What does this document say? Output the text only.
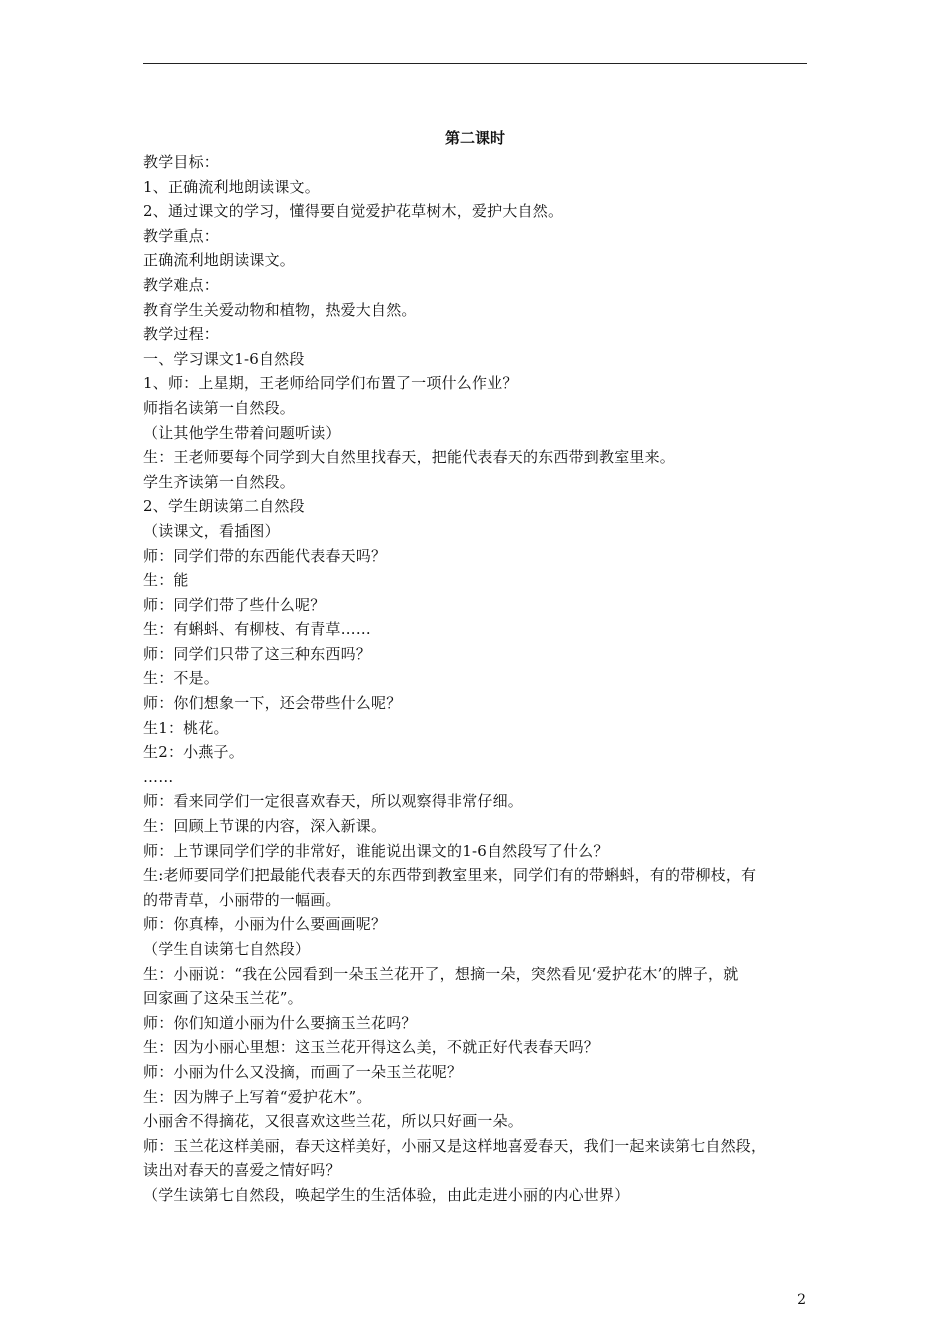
第二课时

教学目标：

1、正确流利地朗读课文。

2、通过课文的学习，懂得要自觉爱护花草树木，爱护大自然。

教学重点：

正确流利地朗读课文。

教学难点：

教育学生关爱动物和植物，热爱大自然。

教学过程：

一、学习课文1-6自然段

1、师：上星期，王老师给同学们布置了一项什么作业？

师指名读第一自然段。

（让其他学生带着问题听读）

生：王老师要每个同学到大自然里找春天，把能代表春天的东西带到教室里来。

学生齐读第一自然段。

2、学生朗读第二自然段

（读课文，看插图）

师：同学们带的东西能代表春天吗？

生：能

师：同学们带了些什么呢？

生：有蝌蚪、有柳枝、有青草……

师：同学们只带了这三种东西吗？

生：不是。

师：你们想象一下，还会带些什么呢？

生1：桃花。

生2：小燕子。

……

师：看来同学们一定很喜欢春天，所以观察得非常仔细。

生：回顾上节课的内容，深入新课。

师：上节课同学们学的非常好，谁能说出课文的1-6自然段写了什么？

生:老师要同学们把最能代表春天的东西带到教室里来，同学们有的带蝌蚪，有的带柳枝，有

的带青草，小丽带的一幅画。

师：你真棒，小丽为什么要画画呢？

（学生自读第七自然段）

生：小丽说：“我在公园看到一朵玉兰花开了，想摘一朵，突然看见‘爱护花木’的牌子，就

回家画了这朵玉兰花”。

师：你们知道小丽为什么要摘玉兰花吗？

生：因为小丽心里想：这玉兰花开得这么美，不就正好代表春天吗？

师：小丽为什么又没摘，而画了一朵玉兰花呢？

生：因为牌子上写着“爱护花木”。

小丽舍不得摘花，又很喜欢这些兰花，所以只好画一朵。

师：玉兰花这样美丽，春天这样美好，小丽又是这样地喜爱春天，我们一起来读第七自然段，

读出对春天的喜爱之情好吗？

（学生读第七自然段，唤起学生的生活体验，由此走进小丽的内心世界）

2
